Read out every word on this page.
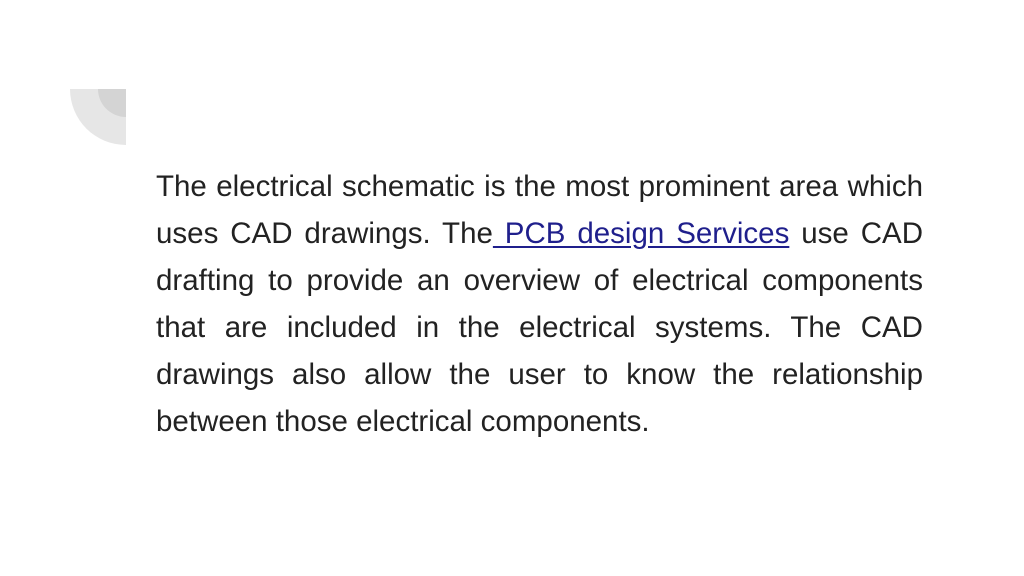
The electrical schematic is the most prominent area which uses CAD drawings. The PCB design Services use CAD drafting to provide an overview of electrical components that are included in the electrical systems. The CAD drawings also allow the user to know the relationship between those electrical components.
